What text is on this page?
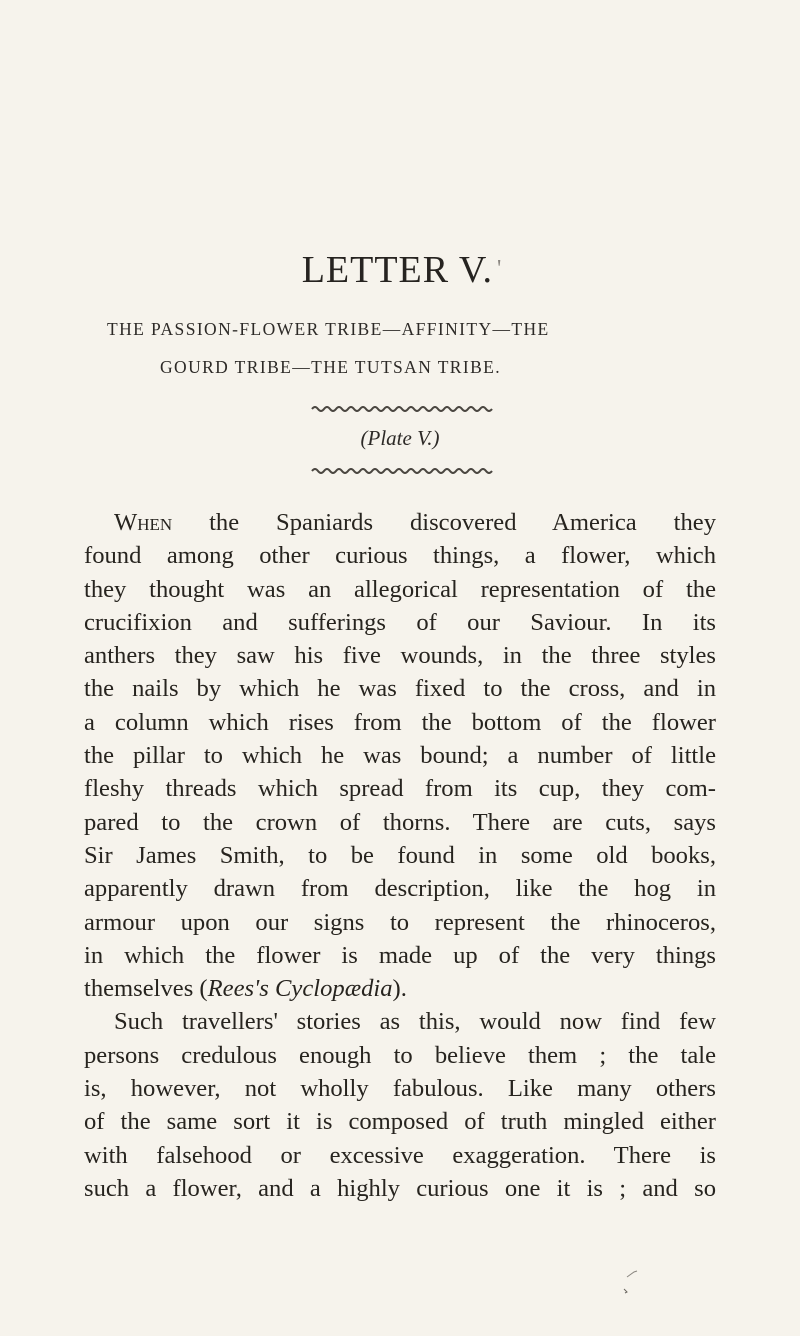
LETTER V. '
THE PASSION-FLOWER TRIBE—AFFINITY—THE
GOURD TRIBE—THE TUTSAN TRIBE.
(Plate V.)
When the Spaniards discovered America they
found among other curious things, a flower, which
they thought was an allegorical representation of the
crucifixion and sufferings of our Saviour. In its
anthers they saw his five wounds, in the three styles
the nails by which he was fixed to the cross, and in
a column which rises from the bottom of the flower
the pillar to which he was bound; a number of little
fleshy threads which spread from its cup, they com-
pared to the crown of thorns. There are cuts, says
Sir James Smith, to be found in some old books,
apparently drawn from description, like the hog in
armour upon our signs to represent the rhinoceros,
in which the flower is made up of the very things
themselves (Rees's Cyclopædia).
Such travellers' stories as this, would now find few
persons credulous enough to believe them ; the tale
is, however, not wholly fabulous. Like many others
of the same sort it is composed of truth mingled either
with falsehood or excessive exaggeration. There is
such a flower, and a highly curious one it is ; and so
